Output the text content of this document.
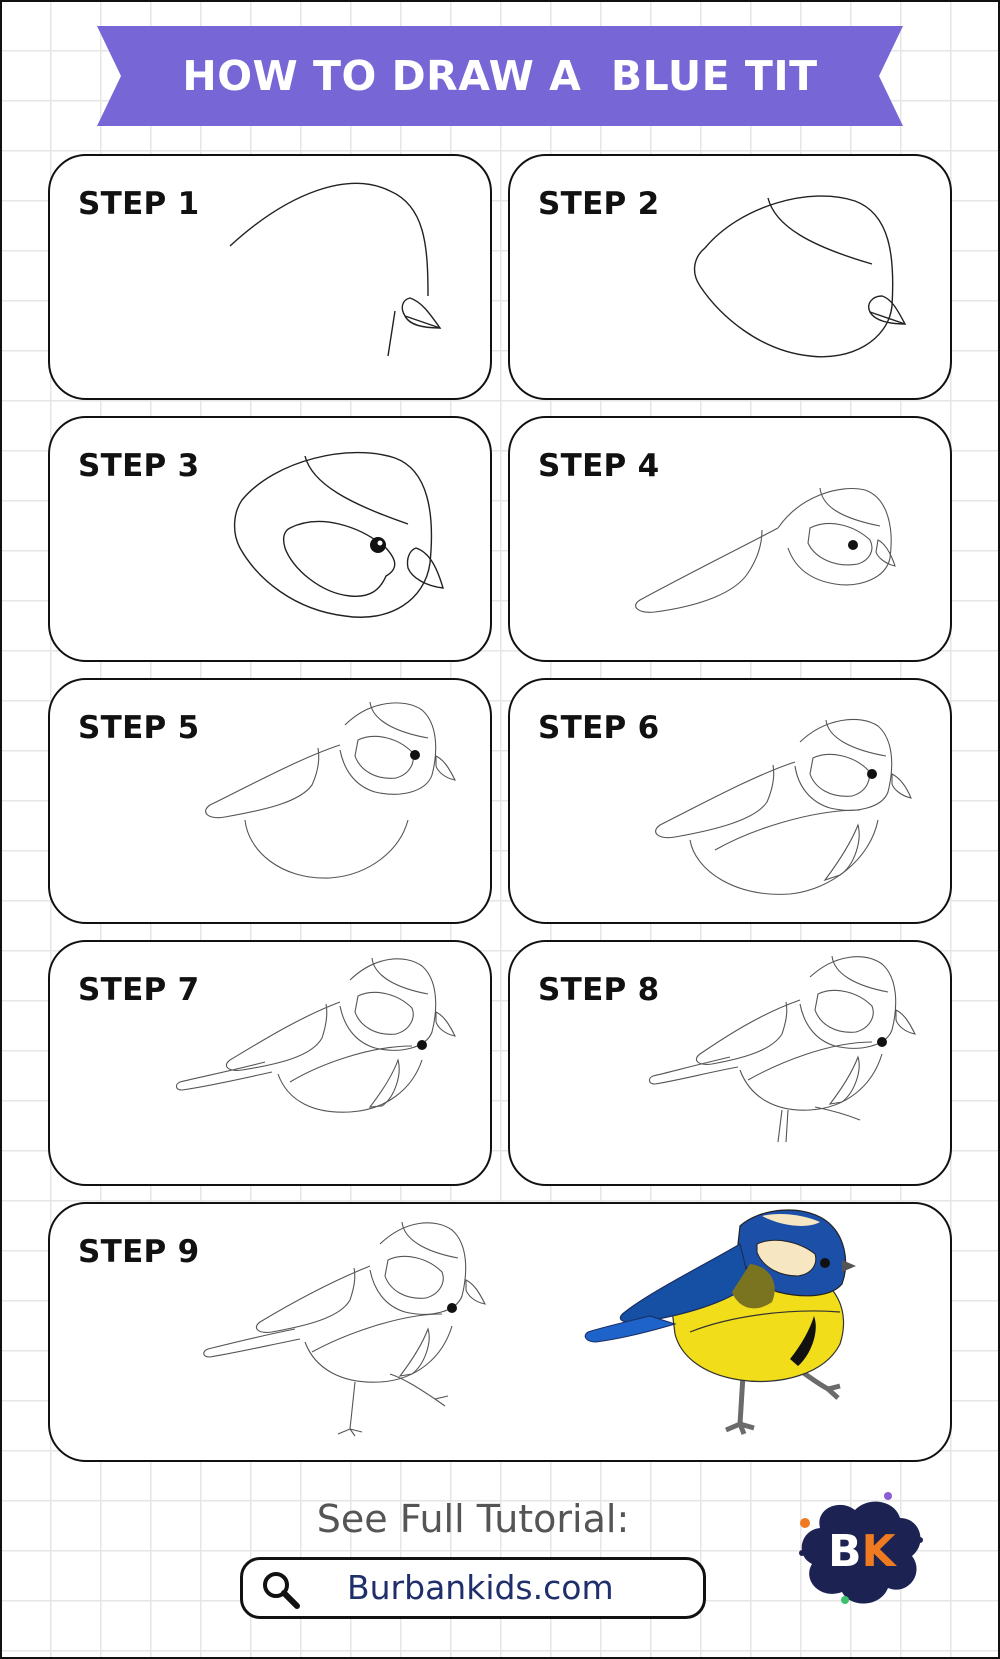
HOW TO DRAW A  BLUE TIT
STEP 1	STEP 2
STEP 3	STEP 4
STEP 5	STEP 6
STEP 7	STEP 8
STEP 9
See Full Tutorial:
Burbankids.com
BK
